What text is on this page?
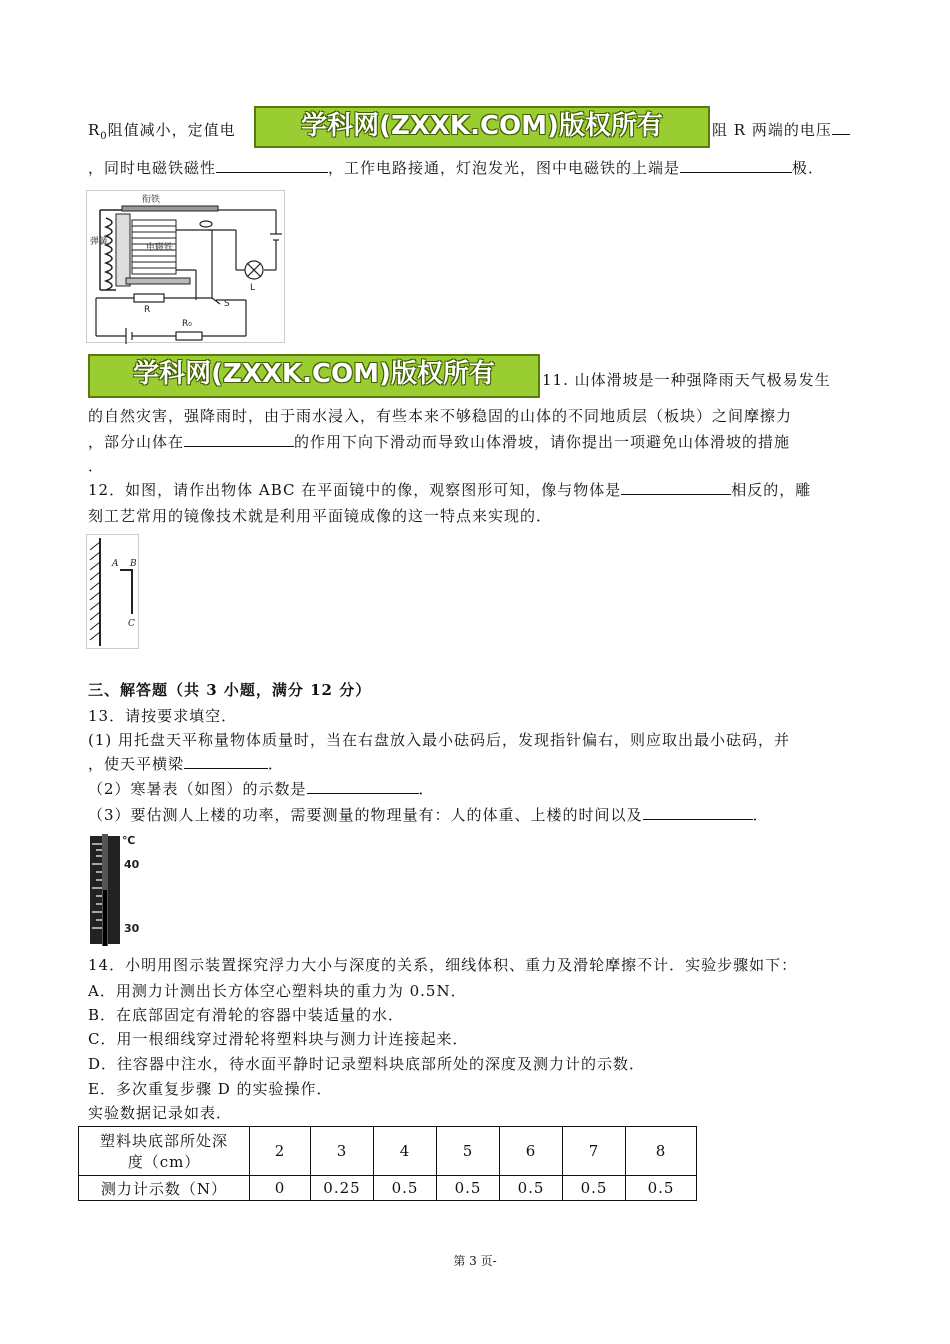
$R_0$阻值减小，定值电	阻 R 两端的电压
学科网(ZXXK.COM)版权所有
，同时电磁铁磁性	，工作电路接通，灯泡发光，图中电磁铁的上端是	极．
弹簧
衔铁
电磁铁
R
R₀
L
S
学科网(ZXXK.COM)版权所有	11. 山体滑坡是一种强降雨天气极易发生
的自然灾害，强降雨时，由于雨水浸入，有些本来不够稳固的山体的不同地质层（板块）之间摩擦力
，部分山体在	的作用下向下滑动而导致山体滑坡，请你提出一项避免山体滑坡的措施
．
12．如图，请作出物体 ABC 在平面镜中的像，观察图形可知，像与物体是	相反的，雕
刻工艺常用的镜像技术就是利用平面镜成像的这一特点来实现的．
A B
C
三、解答题（共 3 小题，满分 12 分）
13．请按要求填空．
(1) 用托盘天平称量物体质量时，当在右盘放入最小砝码后，发现指针偏右，则应取出最小砝码，并
，使天平横梁	．
（2）寒暑表（如图）的示数是	．
（3）要估测人上楼的功率，需要测量的物理量有：人的体重、上楼的时间以及	．
℃
40
30
14．小明用图示装置探究浮力大小与深度的关系，细线体积、重力及滑轮摩擦不计．实验步骤如下：
A．用测力计测出长方体空心塑料块的重力为 0.5N．
B．在底部固定有滑轮的容器中装适量的水．
C．用一根细线穿过滑轮将塑料块与测力计连接起来．
D．往容器中注水，待水面平静时记录塑料块底部所处的深度及测力计的示数．
E．多次重复步骤 D 的实验操作．
实验数据记录如表．
塑料块底部所处深
度（cm）	2	3	4	5	6	7	8
测力计示数（N）	0	0.25	0.5	0.5	0.5	0.5	0.5
第 3 页-
